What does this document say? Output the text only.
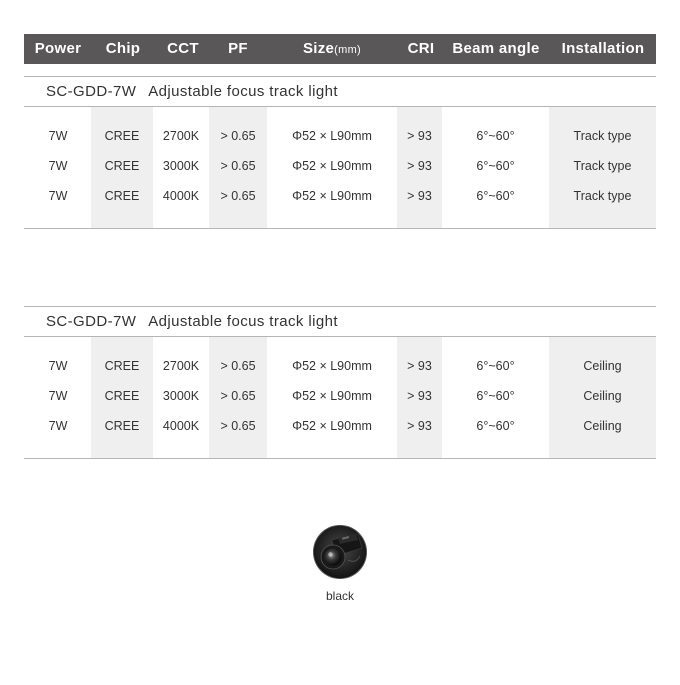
Power	Chip	CCT	PF	Size(mm)	CRI	Beam angle	Installation
SC-GDD-7W Adjustable focus track light
7W	CREE	2700K	> 0.65	Φ52 × L90mm	> 93	6°~60°	Track type
7W	CREE	3000K	> 0.65	Φ52 × L90mm	> 93	6°~60°	Track type
7W	CREE	4000K	> 0.65	Φ52 × L90mm	> 93	6°~60°	Track type
SC-GDD-7W Adjustable focus track light
7W	CREE	2700K	> 0.65	Φ52 × L90mm	> 93	6°~60°	Ceiling
7W	CREE	3000K	> 0.65	Φ52 × L90mm	> 93	6°~60°	Ceiling
7W	CREE	4000K	> 0.65	Φ52 × L90mm	> 93	6°~60°	Ceiling
black
